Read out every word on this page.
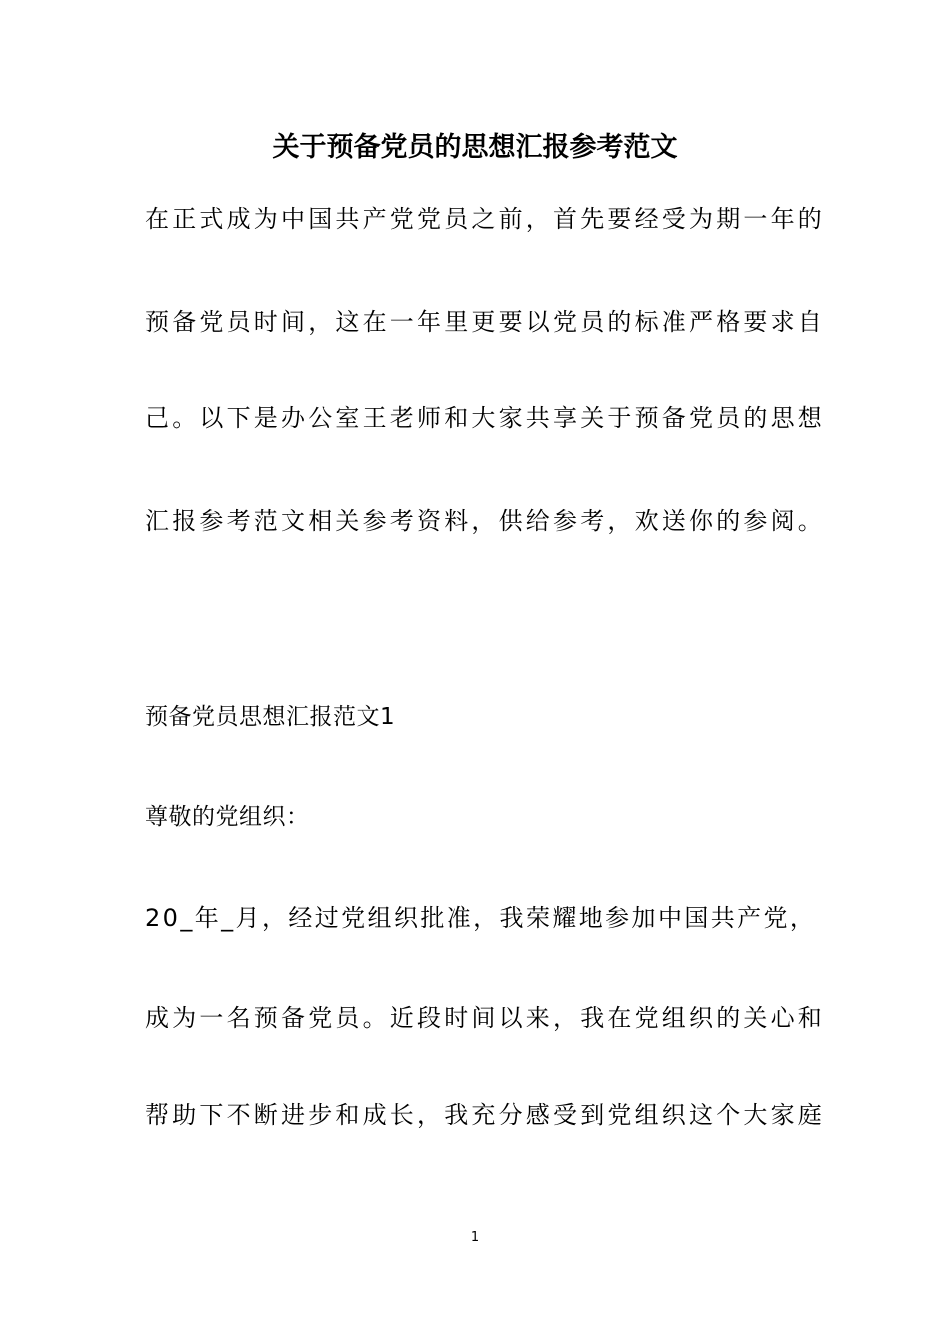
关于预备党员的思想汇报参考范文
在正式成为中国共产党党员之前，首先要经受为期一年的
预备党员时间，这在一年里更要以党员的标准严格要求自
己。以下是办公室王老师和大家共享关于预备党员的思想
汇报参考范文相关参考资料，供给参考，欢送你的参阅。
预备党员思想汇报范文1
尊敬的党组织：
20_年_月，经过党组织批准，我荣耀地参加中国共产党，
成为一名预备党员。近段时间以来，我在党组织的关心和
帮助下不断进步和成长，我充分感受到党组织这个大家庭
1
